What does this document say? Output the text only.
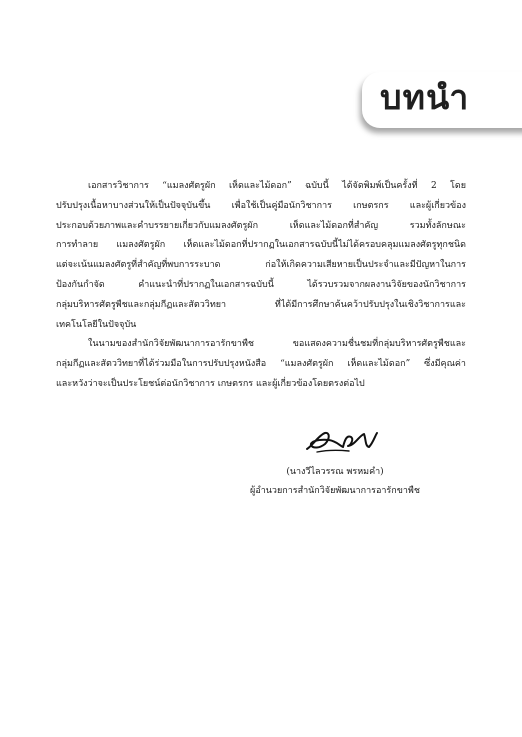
บทนำ
เอกสารวิชาการ “แมลงศัตรูผัก เห็ดและไม้ดอก” ฉบับนี้ ได้จัดพิมพ์เป็นครั้งที่ 2 โดย
ปรับปรุงเนื้อหาบางส่วนให้เป็นปัจจุบันขึ้น เพื่อใช้เป็นคู่มือนักวิชาการ เกษตรกร และผู้เกี่ยวข้อง
ประกอบด้วยภาพและคำบรรยายเกี่ยวกับแมลงศัตรูผัก เห็ดและไม้ดอกที่สำคัญ รวมทั้งลักษณะ
การทำลาย แมลงศัตรูผัก เห็ดและไม้ดอกที่ปรากฏในเอกสารฉบับนี้ไม่ได้ครอบคลุมแมลงศัตรูทุกชนิด
แต่จะเน้นแมลงศัตรูที่สำคัญที่พบการระบาด ก่อให้เกิดความเสียหายเป็นประจำและมีปัญหาในการ
ป้องกันกำจัด คำแนะนำที่ปรากฏในเอกสารฉบับนี้ ได้รวบรวมจากผลงานวิจัยของนักวิชาการ
กลุ่มบริหารศัตรูพืชและกลุ่มกีฏและสัตววิทยา ที่ได้มีการศึกษาค้นคว้าปรับปรุงในเชิงวิชาการและ
เทคโนโลยีในปัจจุบัน
ในนามของสำนักวิจัยพัฒนาการอารักขาพืช ขอแสดงความชื่นชมที่กลุ่มบริหารศัตรูพืชและ
กลุ่มกีฏและสัตววิทยาที่ได้ร่วมมือในการปรับปรุงหนังสือ “แมลงศัตรูผัก เห็ดและไม้ดอก” ซึ่งมีคุณค่า
และหวังว่าจะเป็นประโยชน์ต่อนักวิชาการ เกษตรกร และผู้เกี่ยวข้องโดยตรงต่อไป
(นางวีไลวรรณ พรหมคำ)
ผู้อำนวยการสำนักวิจัยพัฒนาการอารักขาพืช
